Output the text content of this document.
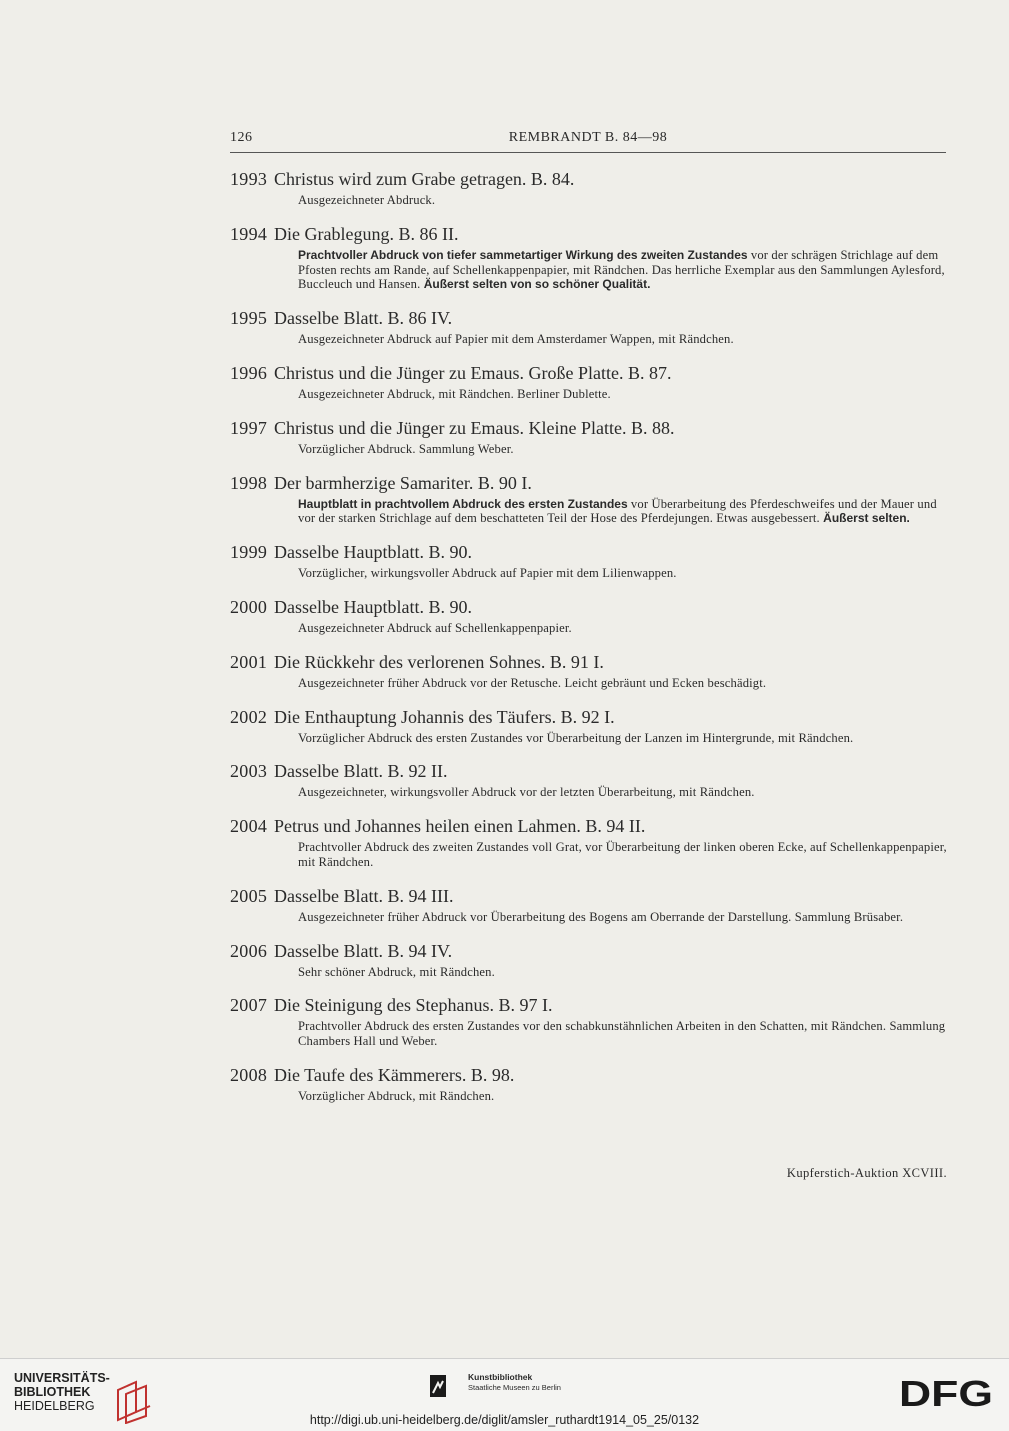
126	REMBRANDT B. 84—98
1993 Christus wird zum Grabe getragen. B. 84.
Ausgezeichneter Abdruck.
1994 Die Grablegung. B. 86 II.
Prachtvoller Abdruck von tiefer sammetartiger Wirkung des zweiten Zustandes vor der schrägen Strichlage auf dem Pfosten rechts am Rande, auf Schellenkappenpapier, mit Rändchen. Das herrliche Exemplar aus den Sammlungen Aylesford, Buccleuch und Hansen. Äußerst selten von so schöner Qualität.
1995 Dasselbe Blatt. B. 86 IV.
Ausgezeichneter Abdruck auf Papier mit dem Amsterdamer Wappen, mit Rändchen.
1996 Christus und die Jünger zu Emaus. Große Platte. B. 87.
Ausgezeichneter Abdruck, mit Rändchen. Berliner Dublette.
1997 Christus und die Jünger zu Emaus. Kleine Platte. B. 88.
Vorzüglicher Abdruck. Sammlung Weber.
1998 Der barmherzige Samariter. B. 90 I.
Hauptblatt in prachtvollem Abdruck des ersten Zustandes vor Überarbeitung des Pferdeschweifes und der Mauer und vor der starken Strichlage auf dem beschatteten Teil der Hose des Pferdejungen. Etwas ausgebessert. Äußerst selten.
1999 Dasselbe Hauptblatt. B. 90.
Vorzüglicher, wirkungsvoller Abdruck auf Papier mit dem Lilienwappen.
2000 Dasselbe Hauptblatt. B. 90.
Ausgezeichneter Abdruck auf Schellenkappenpapier.
2001 Die Rückkehr des verlorenen Sohnes. B. 91 I.
Ausgezeichneter früher Abdruck vor der Retusche. Leicht gebräunt und Ecken beschädigt.
2002 Die Enthauptung Johannis des Täufers. B. 92 I.
Vorzüglicher Abdruck des ersten Zustandes vor Überarbeitung der Lanzen im Hintergrunde, mit Rändchen.
2003 Dasselbe Blatt. B. 92 II.
Ausgezeichneter, wirkungsvoller Abdruck vor der letzten Überarbeitung, mit Rändchen.
2004 Petrus und Johannes heilen einen Lahmen. B. 94 II.
Prachtvoller Abdruck des zweiten Zustandes voll Grat, vor Überarbeitung der linken oberen Ecke, auf Schellenkappenpapier, mit Rändchen.
2005 Dasselbe Blatt. B. 94 III.
Ausgezeichneter früher Abdruck vor Überarbeitung des Bogens am Oberrande der Darstellung. Sammlung Brüsaber.
2006 Dasselbe Blatt. B. 94 IV.
Sehr schöner Abdruck, mit Rändchen.
2007 Die Steinigung des Stephanus. B. 97 I.
Prachtvoller Abdruck des ersten Zustandes vor den schabkunstähnlichen Arbeiten in den Schatten, mit Rändchen. Sammlung Chambers Hall und Weber.
2008 Die Taufe des Kämmerers. B. 98.
Vorzüglicher Abdruck, mit Rändchen.
Kupferstich-Auktion XCVIII.
UNIVERSITÄTS-
BIBLIOTHEK
HEIDELBERG
Kunstbibliothek
Staatliche Museen zu Berlin	DFG
http://digi.ub.uni-heidelberg.de/diglit/amsler_ruthardt1914_05_25/0132
